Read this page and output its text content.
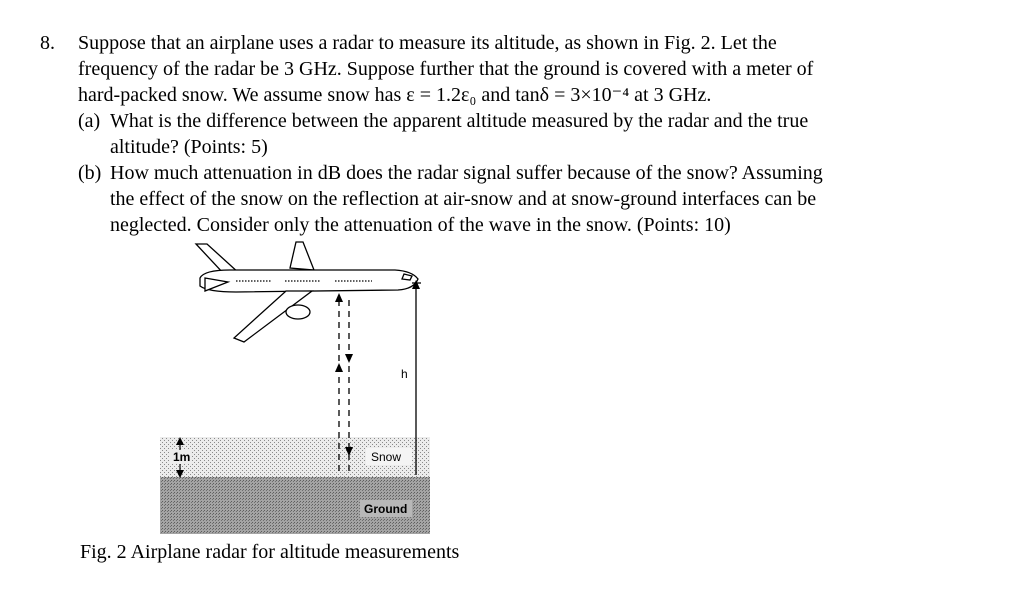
8. Suppose that an airplane uses a radar to measure its altitude, as shown in Fig. 2. Let the
frequency of the radar be 3 GHz. Suppose further that the ground is covered with a meter of
hard-packed snow. We assume snow has ε = 1.2ε₀ and tanδ = 3×10⁻⁴ at 3 GHz.
(a) What is the difference between the apparent altitude measured by the radar and the true
altitude? (Points: 5)
(b) How much attenuation in dB does the radar signal suffer because of the snow? Assuming
the effect of the snow on the reflection at air-snow and at snow-ground interfaces can be
neglected. Consider only the attenuation of the wave in the snow. (Points: 10)
h
1m	Snow
Ground
Fig. 2 Airplane radar for altitude measurements
